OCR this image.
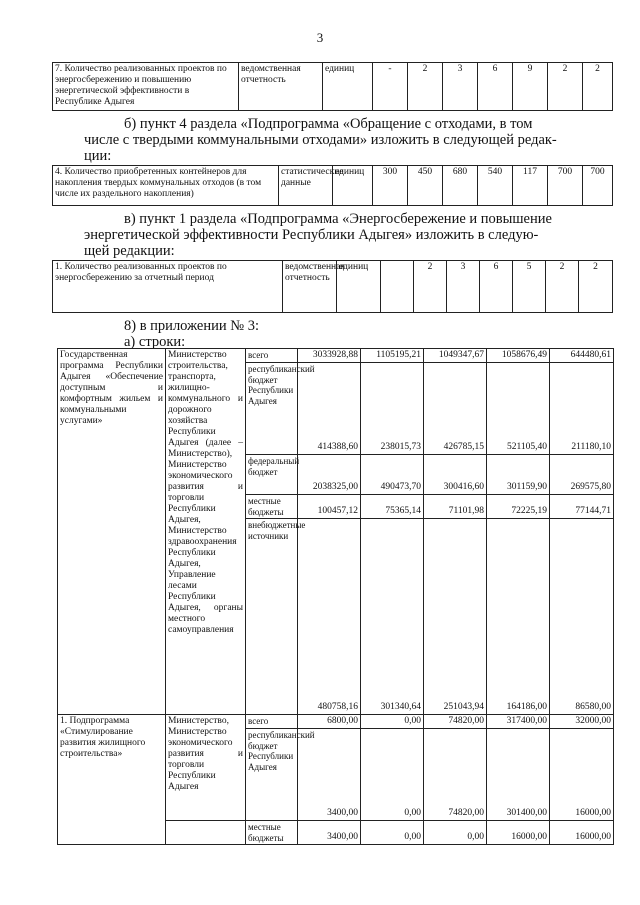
3
7. Количество реализованных проектов по энергосбережению и повышению энергетической эффективности в Республике Адыгея	ведомственная отчетность	единиц	-	2	3	6	9	2	2
б) пункт 4 раздела «Подпрограмма «Обращение с отходами, в том
числе с твердыми коммунальными отходами» изложить в следующей редак-
ции:
4. Количество приобретенных контейнеров для накопления твердых коммунальных отходов (в том числе их раздельного накопления)	статистические данные	единиц	300	450	680	540	117	700	700
в) пункт 1 раздела «Подпрограмма «Энергосбережение и повышение
энергетической эффективности Республики Адыгея» изложить в следую-
щей редакции:
1. Количество реализованных проектов по энергосбережению за отчетный период	ведомственная отчетность	единиц		2	3	6	5	2	2
8) в приложении № 3:
а) строки:
Государственная программа Республики Адыгея «Обеспечение доступным и комфортным жильем и коммунальными услугами»	Министерство строительства, транспорта, жилищно-коммунального и дорожного хозяйства Республики Адыгея (далее – Министерство), Министерство экономического развития и торговли Республики Адыгея, Министерство здравоохранения Республики Адыгея, Управление лесами Республики Адыгея, органы местного самоуправления	всего	3033928,88	1105195,21	1049347,67	1058676,49	644480,61
		республиканский бюджет Республики Адыгея	414388,60	238015,73	426785,15	521105,40	211180,10
		федеральный бюджет	2038325,00	490473,70	300416,60	301159,90	269575,80
		местные бюджеты	100457,12	75365,14	71101,98	72225,19	77144,71
		внебюджетные источники	480758,16	301340,64	251043,94	164186,00	86580,00
1. Подпрограмма «Стимулирование развития жилищного строительства»	Министерство, Министерство экономического развития и торговли Республики Адыгея	всего	6800,00	0,00	74820,00	317400,00	32000,00
		республиканский бюджет Республики Адыгея	3400,00	0,00	74820,00	301400,00	16000,00
		местные бюджеты	3400,00	0,00	0,00	16000,00	16000,00
